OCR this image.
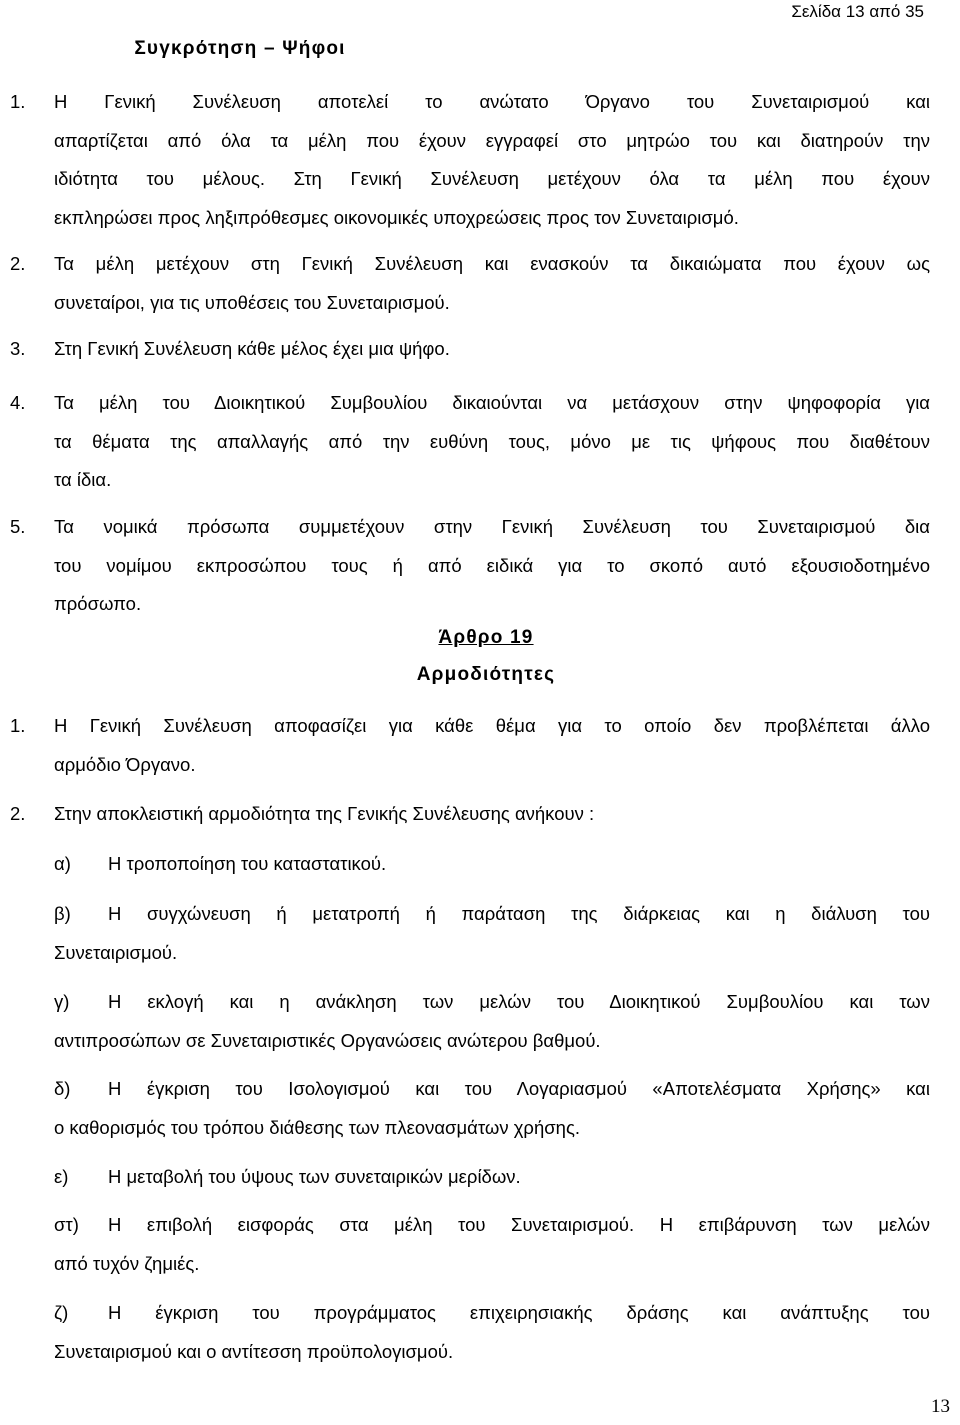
Σελίδα 13 από 35
Συγκρότηση – Ψήφοι
1. Η Γενική Συνέλευση αποτελεί το ανώτατο Όργανο του Συνεταιρισμού και
απαρτίζεται από όλα τα μέλη που έχουν εγγραφεί στο μητρώο του και διατηρούν την
ιδιότητα του μέλους. Στη Γενική Συνέλευση μετέχουν όλα τα μέλη που έχουν
εκπληρώσει προς ληξιπρόθεσμες οικονομικές υποχρεώσεις προς τον Συνεταιρισμό.
2. Τα μέλη μετέχουν στη Γενική Συνέλευση και ενασκούν τα δικαιώματα που έχουν ως
συνεταίροι, για τις υποθέσεις του Συνεταιρισμού.
3. Στη Γενική Συνέλευση κάθε μέλος έχει μια ψήφο.
4. Τα μέλη του Διοικητικού Συμβουλίου δικαιούνται να μετάσχουν στην ψηφοφορία για
τα θέματα της απαλλαγής από την ευθύνη τους, μόνο με τις ψήφους που διαθέτουν
τα ίδια.
5. Τα νομικά πρόσωπα συμμετέχουν στην Γενική Συνέλευση του Συνεταιρισμού δια
του νομίμου εκπροσώπου τους ή από ειδικά για το σκοπό αυτό εξουσιοδοτημένο
πρόσωπο.
Άρθρο 19
Αρμοδιότητες
1. Η Γενική Συνέλευση αποφασίζει για κάθε θέμα για το οποίο δεν προβλέπεται άλλο
αρμόδιο Όργανο.
2. Στην αποκλειστική αρμοδιότητα της Γενικής Συνέλευσης ανήκουν :
α) Η τροποποίηση του καταστατικού.
β) Η συγχώνευση ή μετατροπή ή παράταση της διάρκειας και η διάλυση του
Συνεταιρισμού.
γ) Η εκλογή και η ανάκληση των μελών του Διοικητικού Συμβουλίου και των
αντιπροσώπων σε Συνεταιριστικές Οργανώσεις ανώτερου βαθμού.
δ) Η έγκριση του Ισολογισμού και του Λογαριασμού «Αποτελέσματα Χρήσης» και
ο καθορισμός του τρόπου διάθεσης των πλεονασμάτων χρήσης.
ε) Η μεταβολή του ύψους των συνεταιρικών μερίδων.
στ) Η επιβολή εισφοράς στα μέλη του Συνεταιρισμού. Η επιβάρυνση των μελών
από τυχόν ζημιές.
ζ) Η έγκριση του προγράμματος επιχειρησιακής δράσης και ανάπτυξης του
Συνεταιρισμού και ο αντίτεσση προϋπολογισμού.
13
